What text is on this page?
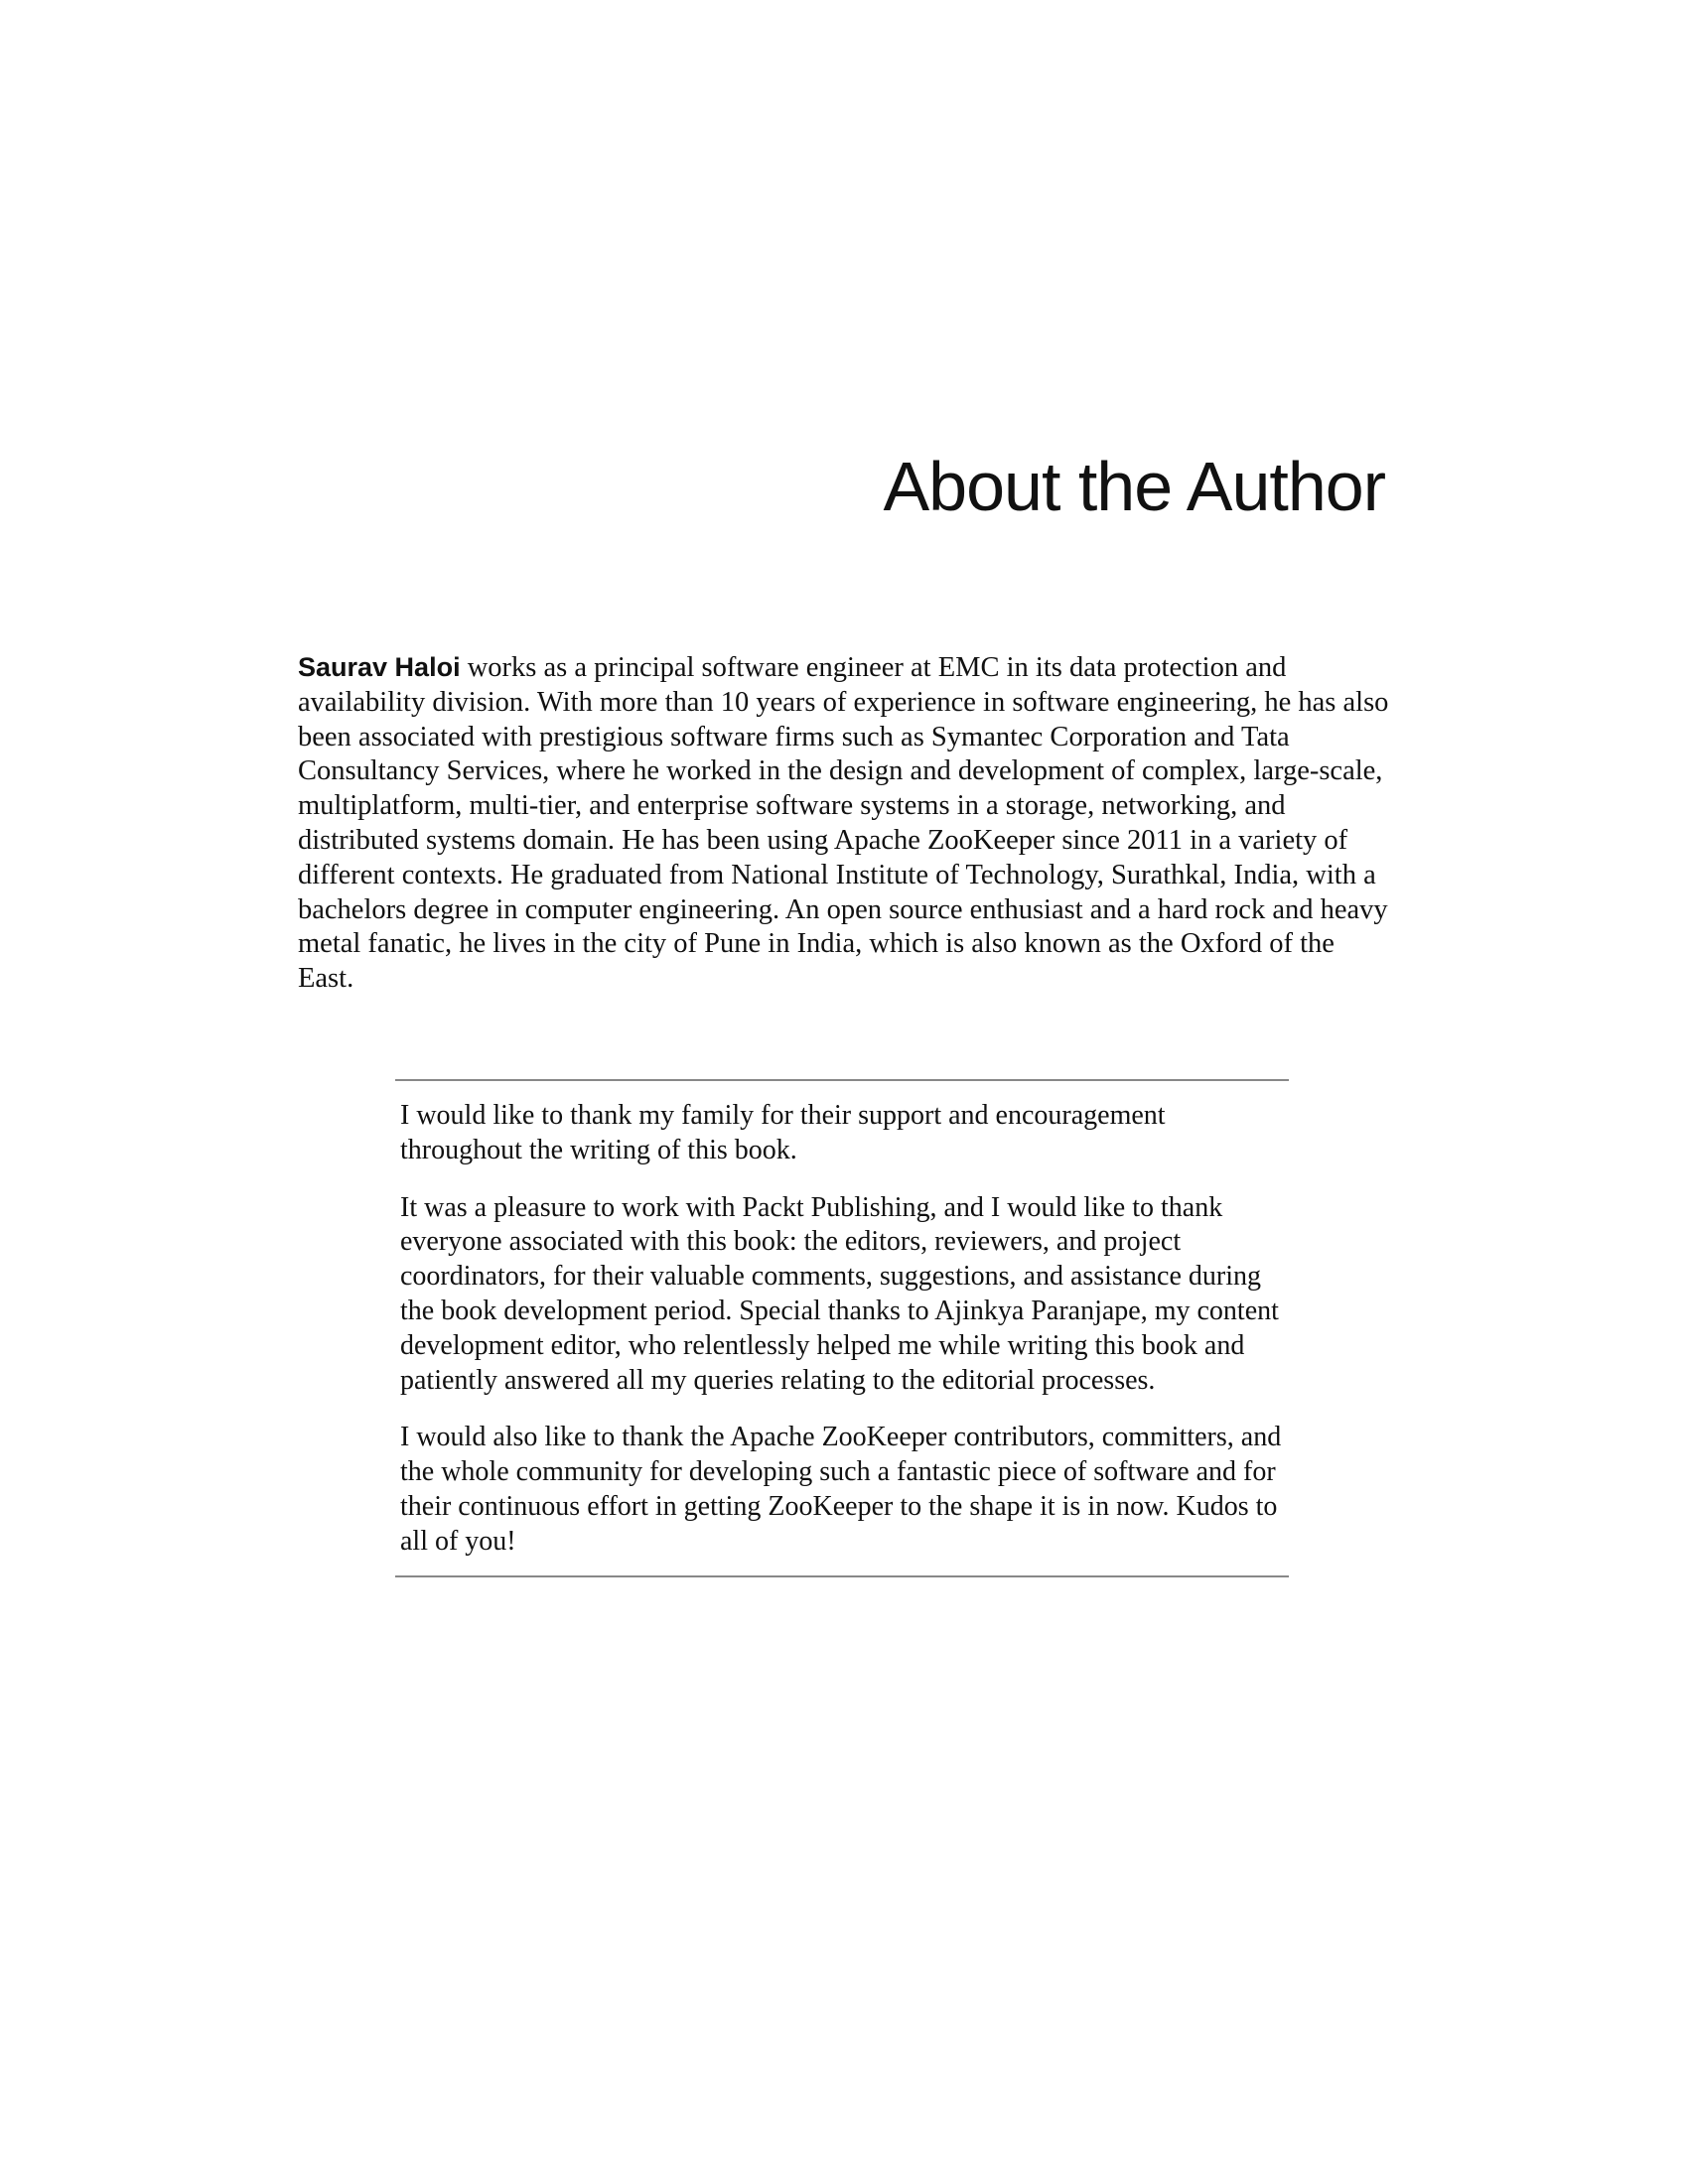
About the Author

Saurav Haloi works as a principal software engineer at EMC in its data protection and availability division. With more than 10 years of experience in software engineering, he has also been associated with prestigious software firms such as Symantec Corporation and Tata Consultancy Services, where he worked in the design and development of complex, large-scale, multiplatform, multi-tier, and enterprise software systems in a storage, networking, and distributed systems domain. He has been using Apache ZooKeeper since 2011 in a variety of different contexts. He graduated from National Institute of Technology, Surathkal, India, with a bachelors degree in computer engineering. An open source enthusiast and a hard rock and heavy metal fanatic, he lives in the city of Pune in India, which is also known as the Oxford of the East.

I would like to thank my family for their support and encouragement throughout the writing of this book.

It was a pleasure to work with Packt Publishing, and I would like to thank everyone associated with this book: the editors, reviewers, and project coordinators, for their valuable comments, suggestions, and assistance during the book development period. Special thanks to Ajinkya Paranjape, my content development editor, who relentlessly helped me while writing this book and patiently answered all my queries relating to the editorial processes.

I would also like to thank the Apache ZooKeeper contributors, committers, and the whole community for developing such a fantastic piece of software and for their continuous effort in getting ZooKeeper to the shape it is in now. Kudos to all of you!
